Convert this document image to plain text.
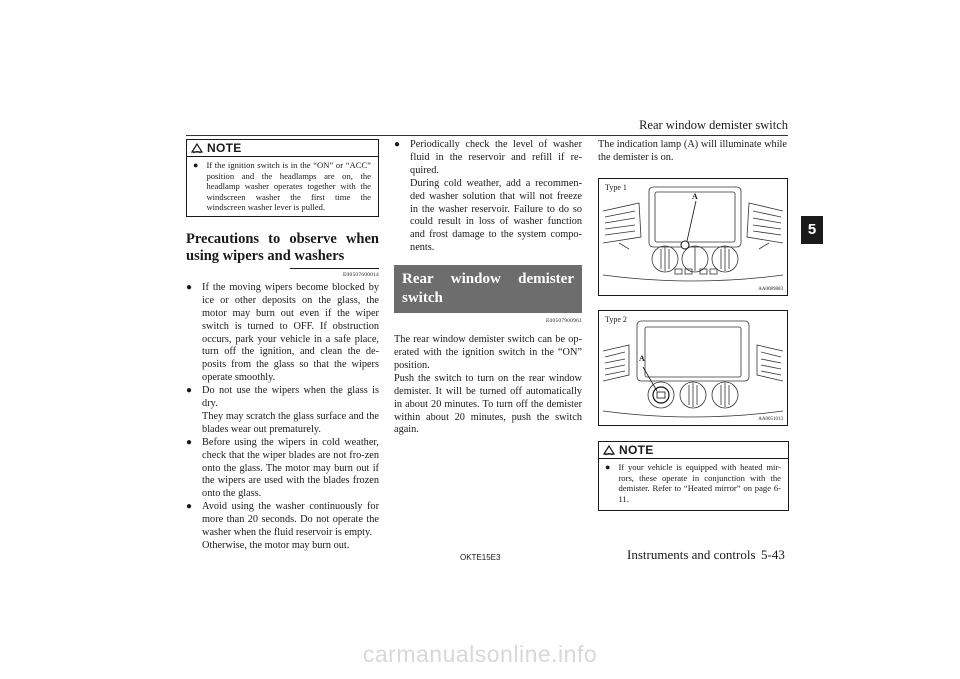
Rear window demister switch
5
NOTE
● If the ignition switch is in the “ON” or “ACC” position and the headlamps are on, the headlamp washer operates together with the windscreen washer the first time the windscreen washer lever is pulled.
Precautions to observe when using wipers and washers
E00507600014
● If the moving wipers become blocked by ice or other deposits on the glass, the motor may burn out even if the wiper switch is turned to OFF. If obstruction occurs, park your vehicle in a safe place, turn off the ignition, and clean the de-posits from the glass so that the wipers operate smoothly.
● Do not use the wipers when the glass is dry.
They may scratch the glass surface and the blades wear out prematurely.
● Before using the wipers in cold weather, check that the wiper blades are not fro-zen onto the glass. The motor may burn out if the wipers are used with the blades frozen onto the glass.
● Avoid using the washer continuously for more than 20 seconds. Do not operate the washer when the fluid reservoir is empty.
Otherwise, the motor may burn out.
● Periodically check the level of washer fluid in the reservoir and refill if re-quired.
During cold weather, add a recommen-ded washer solution that will not freeze in the washer reservoir. Failure to do so could result in loss of washer function and frost damage to the system compo-nents.
Rear window demister switch
E00507900961
The rear window demister switch can be op-erated with the ignition switch in the “ON” position.
Push the switch to turn on the rear window demister. It will be turned off automatically in about 20 minutes. To turn off the demister within about 20 minutes, push the switch again.
The indication lamp (A) will illuminate while the demister is on.
Type 1
A
AA0089883
Type 2
A
AA0051013
NOTE
● If your vehicle is equipped with heated mir-rors, these operate in conjunction with the demister. Refer to “Heated mirror” on page 6-11.
OKTE15E3	Instruments and controls 5-43
carmanualsonline.info
